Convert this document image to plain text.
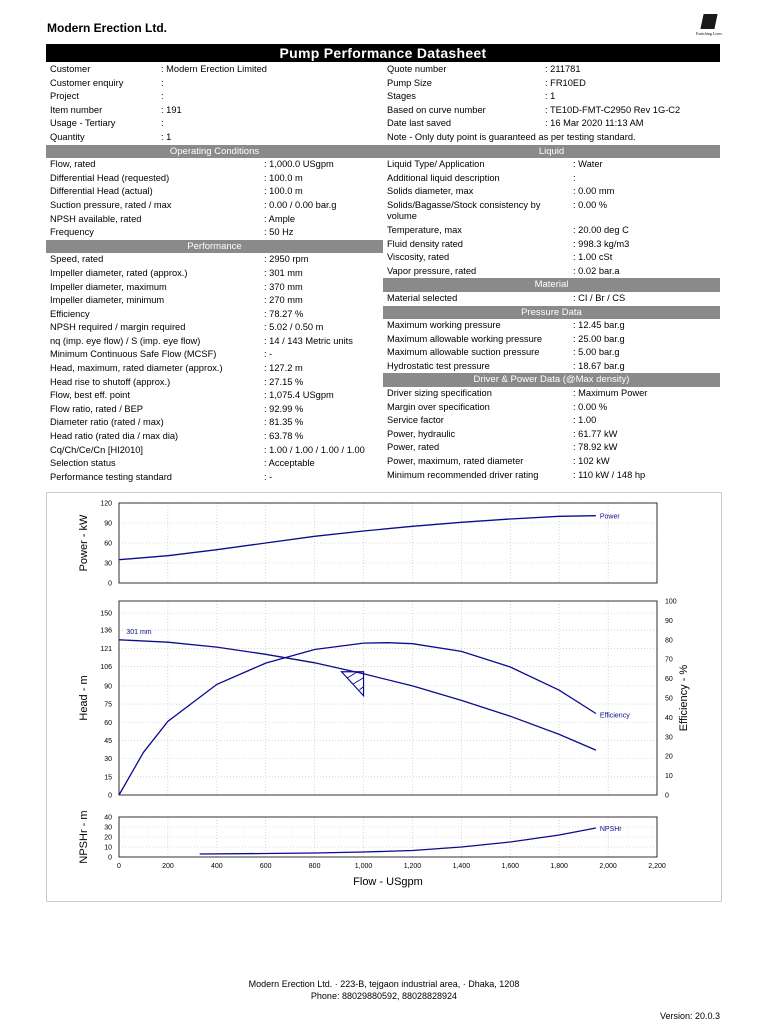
Modern Erection Ltd.	Enriching Lives
Pump Performance Datasheet
Customer	: Modern Erection Limited
Customer enquiry	:
Project	:
Item number	: 191
Usage - Tertiary	:
Quantity	: 1
Operating Conditions
Flow, rated	: 1,000.0 USgpm
Differential Head (requested)	: 100.0 m
Differential Head (actual)	: 100.0 m
Suction pressure, rated / max	: 0.00 / 0.00 bar.g
NPSH available, rated	: Ample
Frequency	: 50 Hz
Performance
Speed, rated	: 2950 rpm
Impeller diameter, rated (approx.)	: 301 mm
Impeller diameter, maximum	: 370 mm
Impeller diameter, minimum	: 270 mm
Efficiency	: 78.27 %
NPSH required / margin required	: 5.02 / 0.50 m
nq (imp. eye flow) / S (imp. eye flow)	: 14 / 143 Metric units
Minimum Continuous Safe Flow (MCSF)	: -
Head, maximum, rated diameter (approx.)	: 127.2 m
Head rise to shutoff (approx.)	: 27.15 %
Flow, best eff. point	: 1,075.4 USgpm
Flow ratio, rated / BEP	: 92.99 %
Diameter ratio (rated / max)	: 81.35 %
Head ratio (rated dia / max dia)	: 63.78 %
Cq/Ch/Ce/Cn [HI2010]	: 1.00 / 1.00 / 1.00 / 1.00
Selection status	: Acceptable
Performance testing standard	: -
Quote number	: 211781
Pump Size	: FR10ED
Stages	: 1
Based on curve number	: TE10D-FMT-C2950 Rev 1G-C2
Date last saved	: 16 Mar 2020 11:13 AM
Note - Only duty point is guaranteed as per testing standard.
Liquid
Liquid Type/ Application	: Water
Additional liquid description	:
Solids diameter, max	: 0.00 mm
Solids/Bagasse/Stock consistency by volume
: 0.00 %
Temperature, max	: 20.00 deg C
Fluid density rated	: 998.3 kg/m3
Viscosity, rated	: 1.00 cSt
Vapor pressure, rated	: 0.02 bar.a
Material
Material selected	: CI / Br / CS
Pressure Data
Maximum working pressure	: 12.45 bar.g
Maximum allowable working pressure	: 25.00 bar.g
Maximum allowable suction pressure	: 5.00 bar.g
Hydrostatic test pressure	: 18.67 bar.g
Driver & Power Data (@Max density)
Driver sizing specification	: Maximum Power
Margin over specification	: 0.00 %
Service factor	: 1.00
Power, hydraulic	: 61.77 kW
Power, rated	: 78.92 kW
Power, maximum, rated diameter	: 102 kW
Minimum recommended driver rating	: 110 kW / 148 hp
0
30
60
90
120
Power - kW	Power
0
15
30
45
60
75
90
106
121
136
150
Head - m
0
10
20
30
40
50
60
70
80
90
100
Efficiency - %
Efficiency
301 mm
0
10
20
30
40
NPSHr - m	NPSHr
0	200	400	600	800	1,000	1,200	1,400	1,600	1,800	2,000	2,200
Flow - USgpm
Modern Erection Ltd. · 223-B, tejgaon industrial area, · Dhaka, 1208
Phone: 88029880592, 88028828924
Version: 20.0.3
